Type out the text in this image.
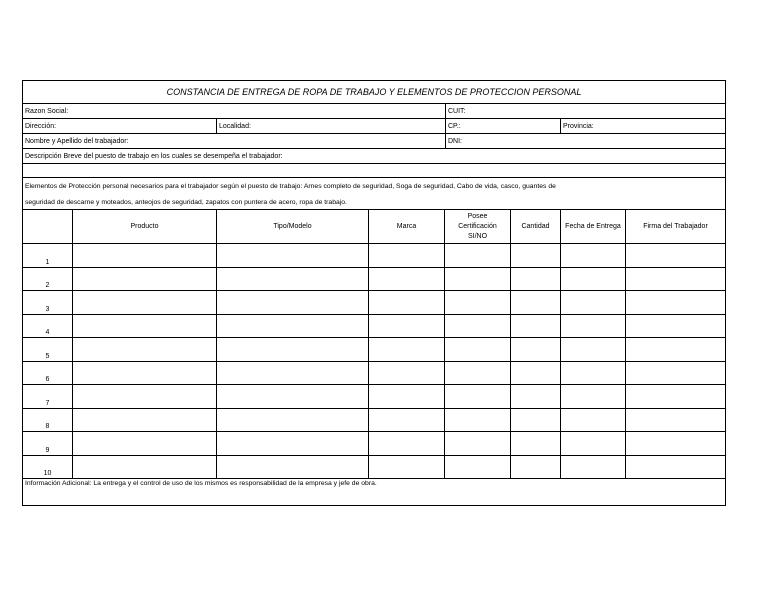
CONSTANCIA DE ENTREGA DE ROPA DE TRABAJO Y ELEMENTOS DE PROTECCION PERSONAL
Razon Social:	CUIT:
Dirección:	Localidad:	CP.:	Provincia:
Nombre y Apellido del trabajador:	DNI:
Descripción Breve del puesto de trabajo en los cuales se desempeña el trabajador:
Elementos de Protección personal necesarios para el trabajador según el puesto de trabajo: Arnes completo de seguridad, Soga de seguridad, Cabo de vida, casco, guantes de
seguridad de descarne y moteados, anteojos de seguridad, zapatos con puntera de acero, ropa de trabajo.
	Producto	Tipo/Modelo	Marca	Posee
Certificación
SI/NO	Cantidad	Fecha de Entrega	Firma del Trabajador
1							
2							
3							
4							
5							
6							
7							
8							
9							
10							
Información Adicional: La entrega y el control de uso de los mismos es responsabilidad de la empresa y jefe de obra.
